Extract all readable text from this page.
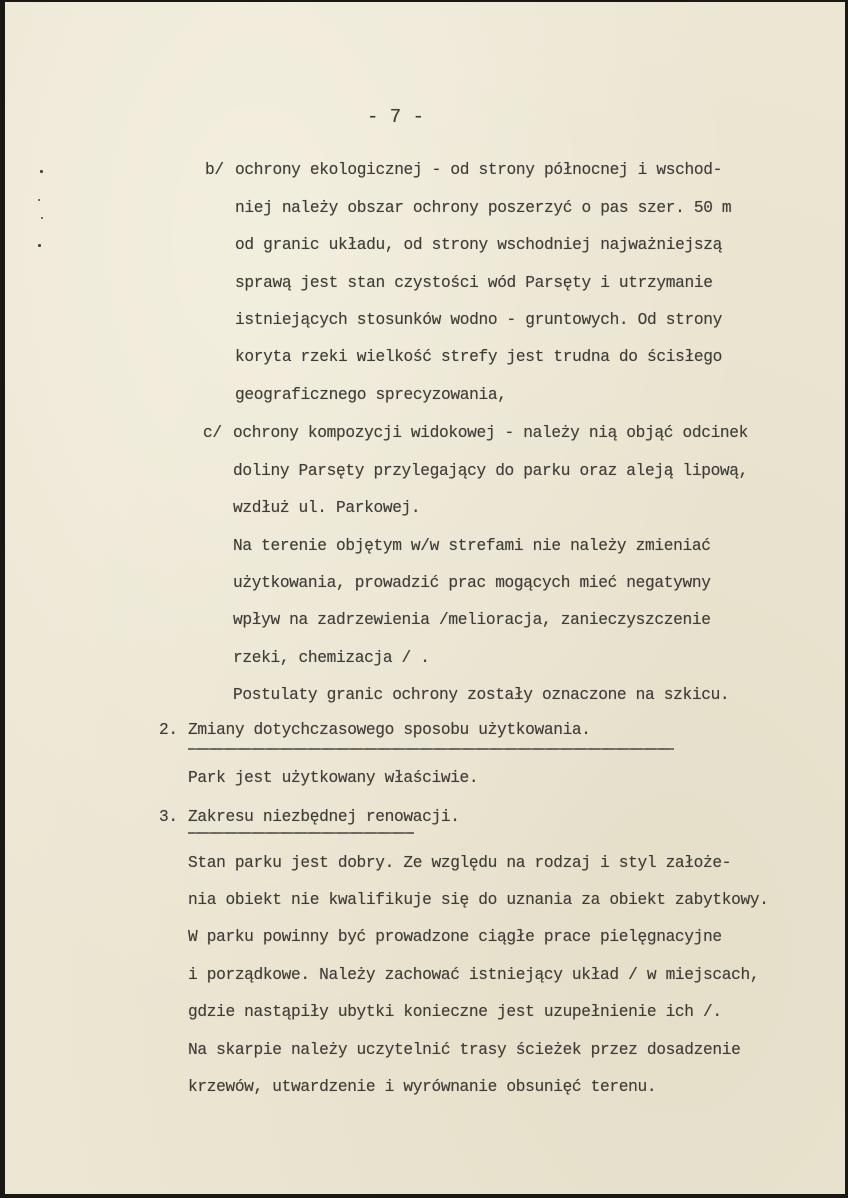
- 7 -
b/ ochrony ekologicznej - od strony północnej i wschod-
niej należy obszar ochrony poszerzyć o pas szer. 50 m
od granic układu, od strony wschodniej najważniejszą
sprawą jest stan czystości wód Parsęty i utrzymanie
istniejących stosunków wodno - gruntowych. Od strony
koryta rzeki wielkość strefy jest trudna do ścisłego
geograficznego sprecyzowania,
c/ ochrony kompozycji widokowej - należy nią objąć odcinek
doliny Parsęty przylegający do parku oraz aleją lipową,
wzdłuż ul. Parkowej.
Na terenie objętym w/w strefami nie należy zmieniać
użytkowania, prowadzić prac mogących mieć negatywny
wpływ na zadrzewienia /melioracja, zanieczyszczenie
rzeki, chemizacja / .
Postulaty granic ochrony zostały oznaczone na szkicu.
2. Zmiany dotychczasowego sposobu użytkowania.
Park jest użytkowany właściwie.
3. Zakresu niezbędnej renowacji.
Stan parku jest dobry. Ze względu na rodzaj i styl założe-
nia obiekt nie kwalifikuje się do uznania za obiekt zabytkowy.
W parku powinny być prowadzone ciągłe prace pielęgnacyjne
i porządkowe. Należy zachować istniejący układ / w miejscach,
gdzie nastąpiły ubytki konieczne jest uzupełnienie ich /.
Na skarpie należy uczytelnić trasy ścieżek przez dosadzenie
krzewów, utwardzenie i wyrównanie obsunięć terenu.
